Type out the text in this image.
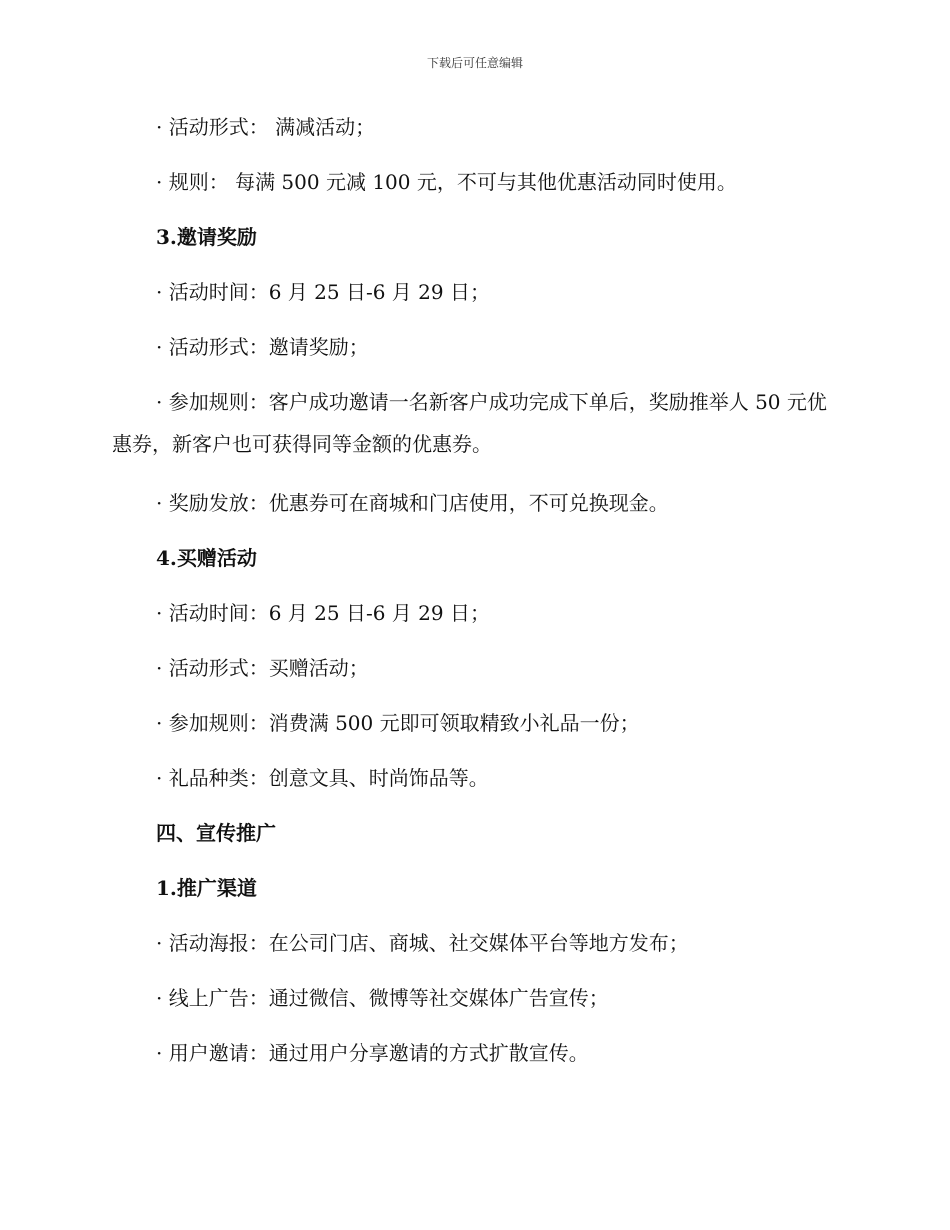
下载后可任意编辑

· 活动形式： 满减活动；

· 规则： 每满 500 元减 100 元，不可与其他优惠活动同时使用。

3.邀请奖励

· 活动时间：6 月 25 日-6 月 29 日；

· 活动形式：邀请奖励；

· 参加规则：客户成功邀请一名新客户成功完成下单后，奖励推举人 50 元优惠券，新客户也可获得同等金额的优惠券。

· 奖励发放：优惠券可在商城和门店使用，不可兑换现金。

4.买赠活动

· 活动时间：6 月 25 日-6 月 29 日；

· 活动形式：买赠活动；

· 参加规则：消费满 500 元即可领取精致小礼品一份；

· 礼品种类：创意文具、时尚饰品等。

四、宣传推广

1.推广渠道

· 活动海报：在公司门店、商城、社交媒体平台等地方发布；

· 线上广告：通过微信、微博等社交媒体广告宣传；

· 用户邀请：通过用户分享邀请的方式扩散宣传。
